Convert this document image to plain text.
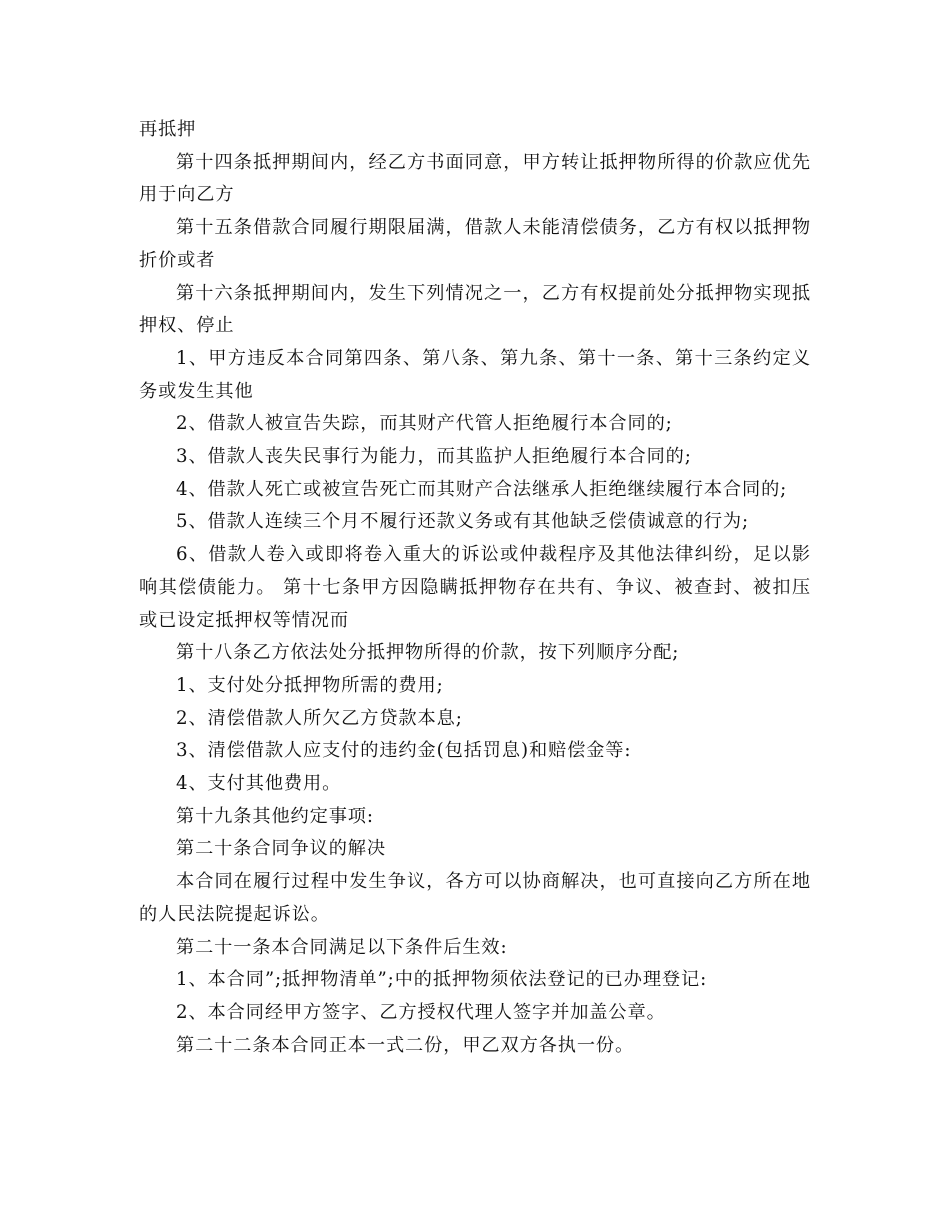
再抵押

第十四条抵押期间内，经乙方书面同意，甲方转让抵押物所得的价款应优先用于向乙方

第十五条借款合同履行期限届满，借款人未能清偿债务，乙方有权以抵押物折价或者

第十六条抵押期间内，发生下列情况之一，乙方有权提前处分抵押物实现抵押权、停止

1、甲方违反本合同第四条、第八条、第九条、第十一条、第十三条约定义务或发生其他

2、借款人被宣告失踪，而其财产代管人拒绝履行本合同的;

3、借款人丧失民事行为能力，而其监护人拒绝履行本合同的;

4、借款人死亡或被宣告死亡而其财产合法继承人拒绝继续履行本合同的;

5、借款人连续三个月不履行还款义务或有其他缺乏偿债诚意的行为;

6、借款人卷入或即将卷入重大的诉讼或仲裁程序及其他法律纠纷，足以影响其偿债能力。 第十七条甲方因隐瞒抵押物存在共有、争议、被查封、被扣压或已设定抵押权等情况而

第十八条乙方依法处分抵押物所得的价款，按下列顺序分配;

1、支付处分抵押物所需的费用;

2、清偿借款人所欠乙方贷款本息;

3、清偿借款人应支付的违约金(包括罚息)和赔偿金等:

4、支付其他费用。

第十九条其他约定事项:

第二十条合同争议的解决

本合同在履行过程中发生争议，各方可以协商解决，也可直接向乙方所在地的人民法院提起诉讼。

第二十一条本合同满足以下条件后生效:

1、本合同”;抵押物清单”;中的抵押物须依法登记的已办理登记:

2、本合同经甲方签字、乙方授权代理人签字并加盖公章。

第二十二条本合同正本一式二份，甲乙双方各执一份。
